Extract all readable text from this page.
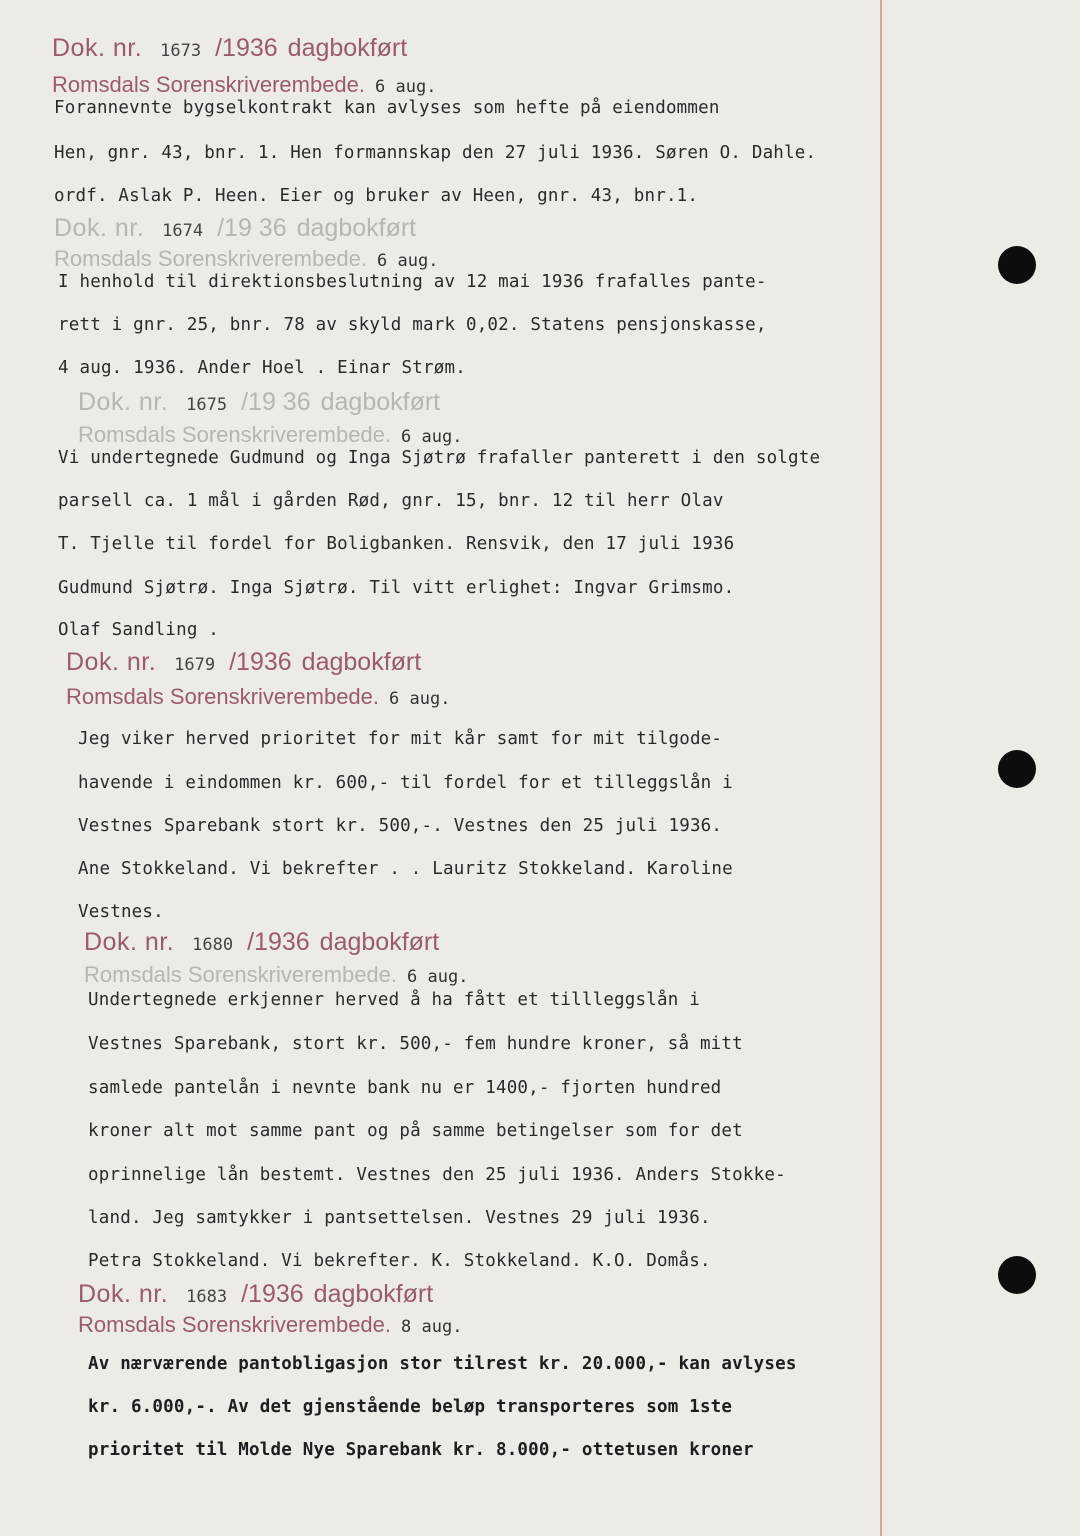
Dok. nr. 1673 /1936 dagbokført
Romsdals Sorenskriverembede. 6 aug.
Forannevnte bygselkontrakt kan avlyses som hefte på eiendommen
Hen, gnr. 43, bnr. 1. Hen formannskap den 27 juli 1936. Søren O. Dahle.
ordf. Aslak P. Heen. Eier og bruker av Heen, gnr. 43, bnr.1.
Dok. nr. 1674 /19 36 dagbokført
Romsdals Sorenskriverembede. 6 aug.
I henhold til direktionsbeslutning av 12 mai 1936 frafalles pante-
rett i gnr. 25, bnr. 78 av skyld mark 0,02. Statens pensjonskasse,
4 aug. 1936. Ander Hoel . Einar Strøm.
Dok. nr. 1675 /19 36 dagbokført
Romsdals Sorenskriverembede. 6 aug.
Vi undertegnede Gudmund og Inga Sjøtrø frafaller panterett i den solgte
parsell ca. 1 mål i gården Rød, gnr. 15, bnr. 12 til herr Olav
T. Tjelle til fordel for Boligbanken. Rensvik, den 17 juli 1936
Gudmund Sjøtrø. Inga Sjøtrø. Til vitt erlighet: Ingvar Grimsmo.
Olaf Sandling .
Dok. nr. 1679 /1936 dagbokført
Romsdals Sorenskriverembede. 6 aug.
Jeg viker herved prioritet for mit kår samt for mit tilgode-
havende i eindommen kr. 600,- til fordel for et tilleggslån i
Vestnes Sparebank stort kr. 500,-. Vestnes den 25 juli 1936.
Ane Stokkeland. Vi bekrefter . . Lauritz Stokkeland. Karoline
Vestnes.
Dok. nr. 1680 /1936 dagbokført
Romsdals Sorenskriverembede. 6 aug.
Undertegnede erkjenner herved å ha fått et tillleggslån i
Vestnes Sparebank, stort kr. 500,- fem hundre kroner, så mitt
samlede pantelån i nevnte bank nu er 1400,- fjorten hundred
kroner alt mot samme pant og på samme betingelser som for det
oprinnelige lån bestemt. Vestnes den 25 juli 1936. Anders Stokke-
land. Jeg samtykker i pantsettelsen. Vestnes 29 juli 1936.
Petra Stokkeland. Vi bekrefter. K. Stokkeland. K.O. Domås.
Dok. nr. 1683 /1936 dagbokført
Romsdals Sorenskriverembede. 8 aug.
Av nærværende pantobligasjon stor tilrest kr. 20.000,- kan avlyses
kr. 6.000,-. Av det gjenstående beløp transporteres som 1ste
prioritet til Molde Nye Sparebank kr. 8.000,- ottetusen kroner
